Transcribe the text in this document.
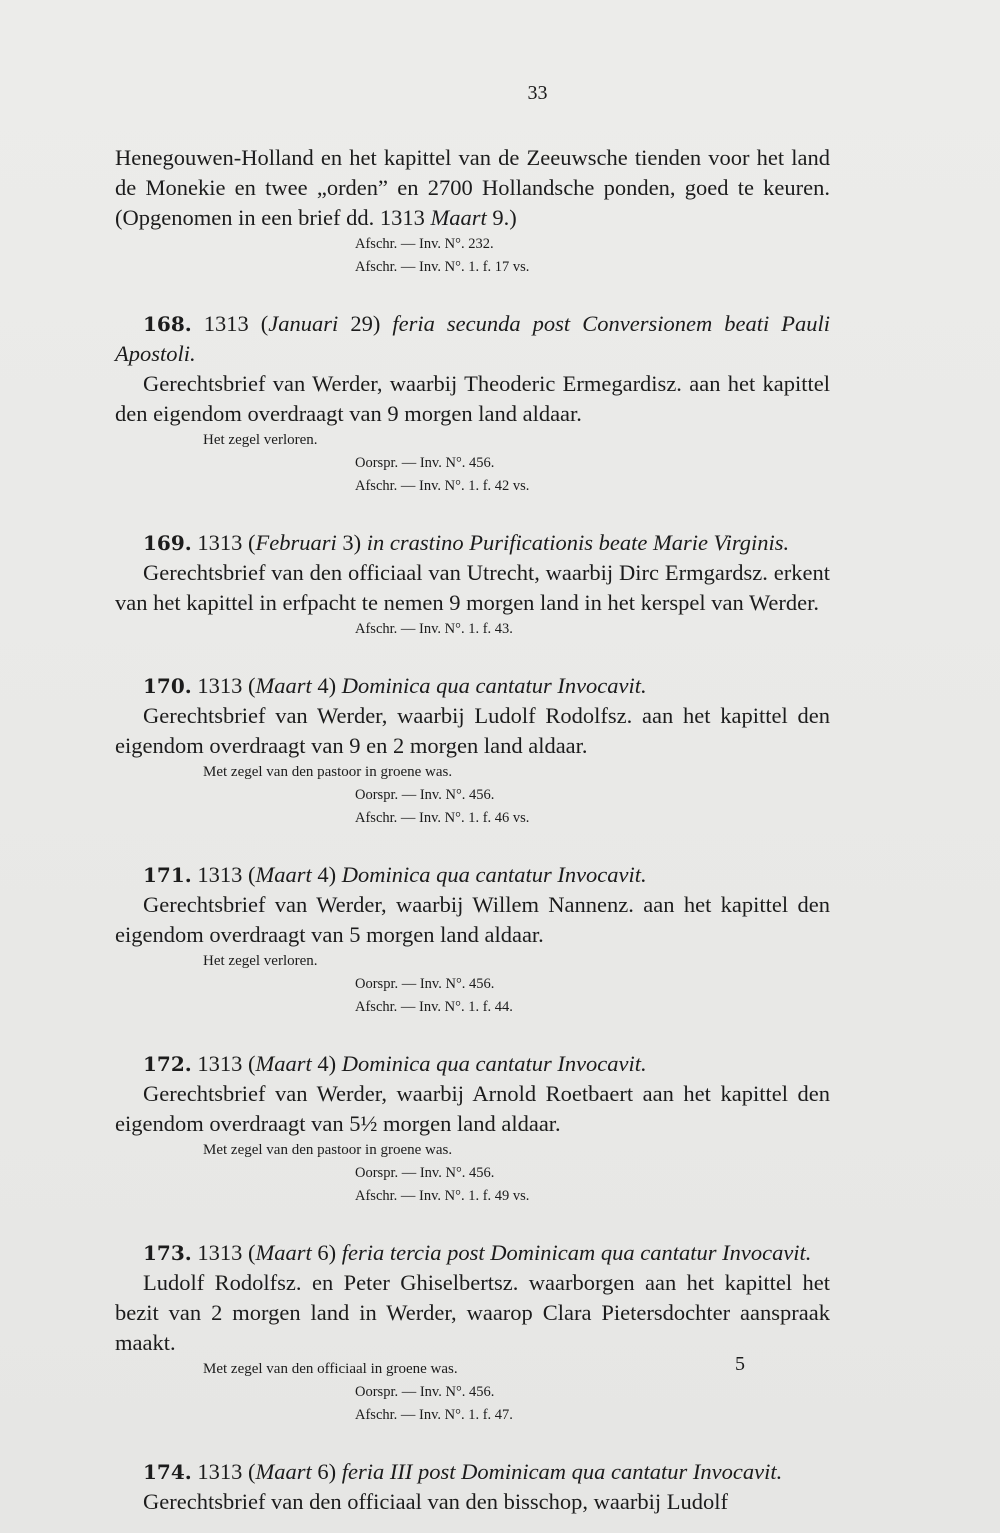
33

Henegouwen-Holland en het kapittel van de Zeeuwsche tienden voor het land de Monekie en twee „orden” en 2700 Hollandsche ponden, goed te keuren. (Opgenomen in een brief dd. 1313 Maart 9.)

Afschr. — Inv. N°. 232.

Afschr. — Inv. N°. 1. f. 17 vs.

168. 1313 (Januari 29) feria secunda post Conversionem beati Pauli Apostoli.

Gerechtsbrief van Werder, waarbij Theoderic Ermegardisz. aan het kapittel den eigendom overdraagt van 9 morgen land aldaar.

Het zegel verloren.

Oorspr. — Inv. N°. 456.

Afschr. — Inv. N°. 1. f. 42 vs.

169. 1313 (Februari 3) in crastino Purificationis beate Marie Virginis.

Gerechtsbrief van den officiaal van Utrecht, waarbij Dirc Ermgardsz. erkent van het kapittel in erfpacht te nemen 9 morgen land in het kerspel van Werder.

Afschr. — Inv. N°. 1. f. 43.

170. 1313 (Maart 4) Dominica qua cantatur Invocavit.

Gerechtsbrief van Werder, waarbij Ludolf Rodolfsz. aan het kapittel den eigendom overdraagt van 9 en 2 morgen land aldaar.

Met zegel van den pastoor in groene was.

Oorspr. — Inv. N°. 456.

Afschr. — Inv. N°. 1. f. 46 vs.

171. 1313 (Maart 4) Dominica qua cantatur Invocavit.

Gerechtsbrief van Werder, waarbij Willem Nannenz. aan het kapittel den eigendom overdraagt van 5 morgen land aldaar.

Het zegel verloren.

Oorspr. — Inv. N°. 456.

Afschr. — Inv. N°. 1. f. 44.

172. 1313 (Maart 4) Dominica qua cantatur Invocavit.

Gerechtsbrief van Werder, waarbij Arnold Roetbaert aan het kapittel den eigendom overdraagt van 5½ morgen land aldaar.

Met zegel van den pastoor in groene was.

Oorspr. — Inv. N°. 456.

Afschr. — Inv. N°. 1. f. 49 vs.

173. 1313 (Maart 6) feria tercia post Dominicam qua cantatur Invocavit.

Ludolf Rodolfsz. en Peter Ghiselbertsz. waarborgen aan het kapittel het bezit van 2 morgen land in Werder, waarop Clara Pietersdochter aanspraak maakt.

Met zegel van den officiaal in groene was.

Oorspr. — Inv. N°. 456.

Afschr. — Inv. N°. 1. f. 47.

174. 1313 (Maart 6) feria III post Dominicam qua cantatur Invocavit.

Gerechtsbrief van den officiaal van den bisschop, waarbij Ludolf

5
